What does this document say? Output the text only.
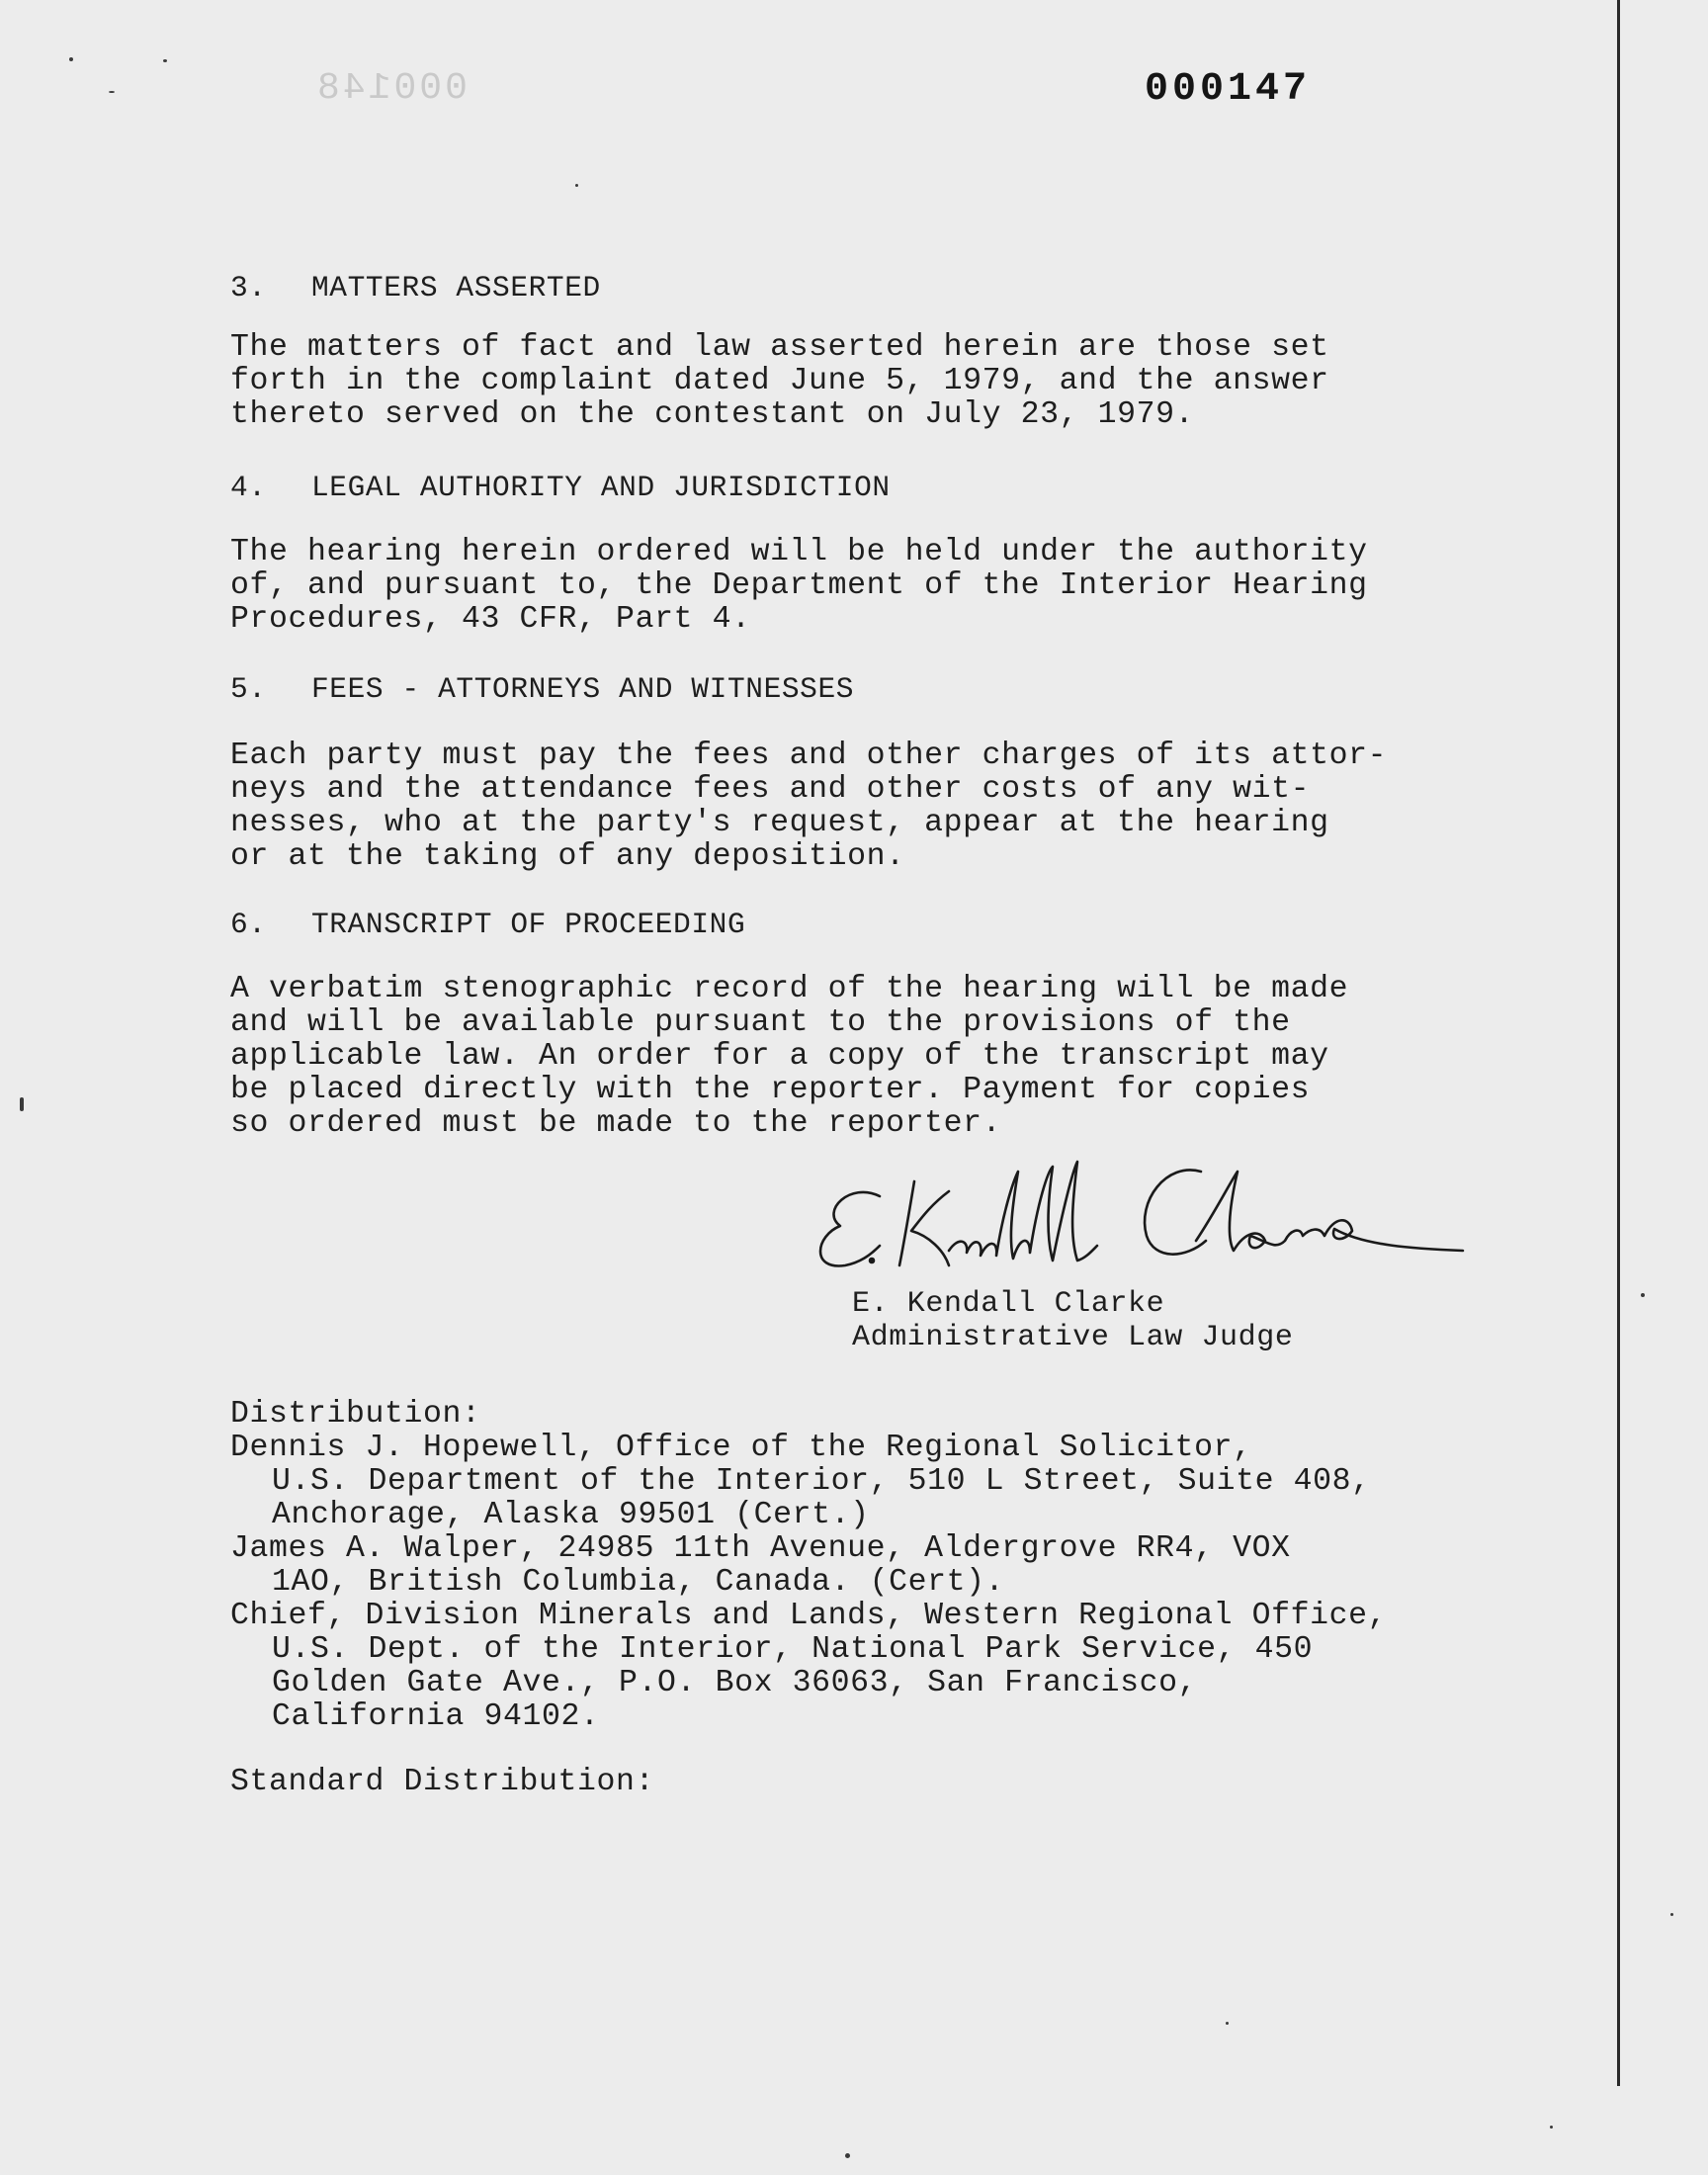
000148	000147
3. MATTERS ASSERTED
The matters of fact and law asserted herein are those set
forth in the complaint dated June 5, 1979, and the answer
thereto served on the contestant on July 23, 1979.
4. LEGAL AUTHORITY AND JURISDICTION
The hearing herein ordered will be held under the authority
of, and pursuant to, the Department of the Interior Hearing
Procedures, 43 CFR, Part 4.
5. FEES - ATTORNEYS AND WITNESSES
Each party must pay the fees and other charges of its attor-
neys and the attendance fees and other costs of any wit-
nesses, who at the party's request, appear at the hearing
or at the taking of any deposition.
6. TRANSCRIPT OF PROCEEDING
A verbatim stenographic record of the hearing will be made
and will be available pursuant to the provisions of the
applicable law. An order for a copy of the transcript may
be placed directly with the reporter. Payment for copies
so ordered must be made to the reporter.
E. Kendall Clarke
Administrative Law Judge
Distribution:
Dennis J. Hopewell, Office of the Regional Solicitor,
U.S. Department of the Interior, 510 L Street, Suite 408,
Anchorage, Alaska 99501 (Cert.)
James A. Walper, 24985 11th Avenue, Aldergrove RR4, VOX
1AO, British Columbia, Canada. (Cert).
Chief, Division Minerals and Lands, Western Regional Office,
U.S. Dept. of the Interior, National Park Service, 450
Golden Gate Ave., P.O. Box 36063, San Francisco,
California 94102.
Standard Distribution:
